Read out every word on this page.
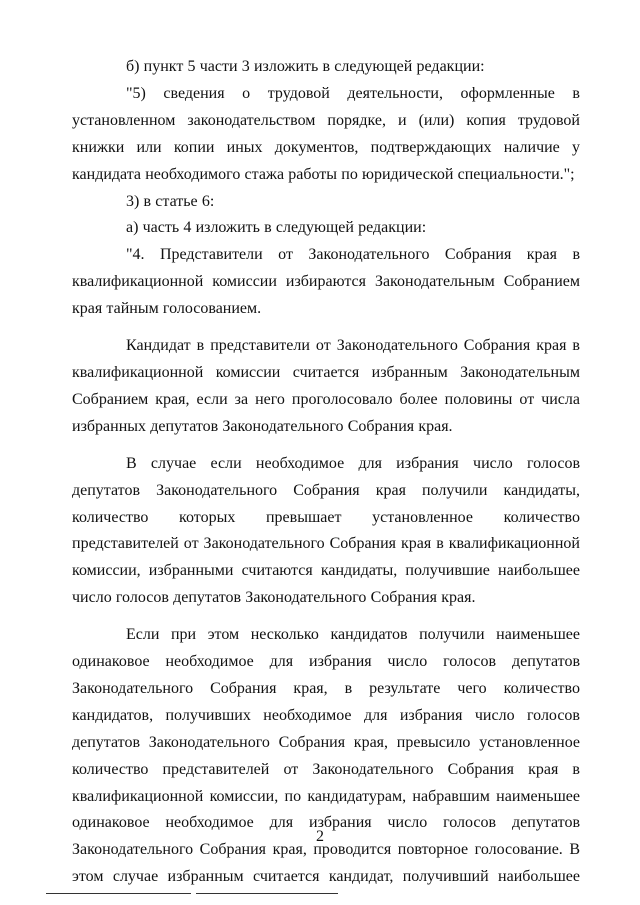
б) пункт 5 части 3 изложить в следующей редакции:

"5) сведения о трудовой деятельности, оформленные в установленном законодательством порядке, и (или) копия трудовой книжки или копии иных документов, подтверждающих наличие у кандидата необходимого стажа работы по юридической специальности.";

3) в статье 6:

а) часть 4 изложить в следующей редакции:

"4. Представители от Законодательного Собрания края в квалификационной комиссии избираются Законодательным Собранием края тайным голосованием.

Кандидат в представители от Законодательного Собрания края в квалификационной комиссии считается избранным Законодательным Собранием края, если за него проголосовало более половины от числа избранных депутатов Законодательного Собрания края.

В случае если необходимое для избрания число голосов депутатов Законодательного Собрания края получили кандидаты, количество которых превышает установленное количество представителей от Законодательного Собрания края в квалификационной комиссии, избранными считаются кандидаты, получившие наибольшее число голосов депутатов Законодательного Собрания края.

Если при этом несколько кандидатов получили наименьшее одинаковое необходимое для избрания число голосов депутатов Законодательного Собрания края, в результате чего количество кандидатов, получивших необходимое для избрания число голосов депутатов Законодательного Собрания края, превысило установленное количество представителей от Законодательного Собрания края в квалификационной комиссии, по кандидатурам, набравшим наименьшее одинаковое необходимое для избрания число голосов депутатов Законодательного Собрания края, проводится повторное голосование. В этом случае избранным считается кандидат, получивший наибольшее

2
